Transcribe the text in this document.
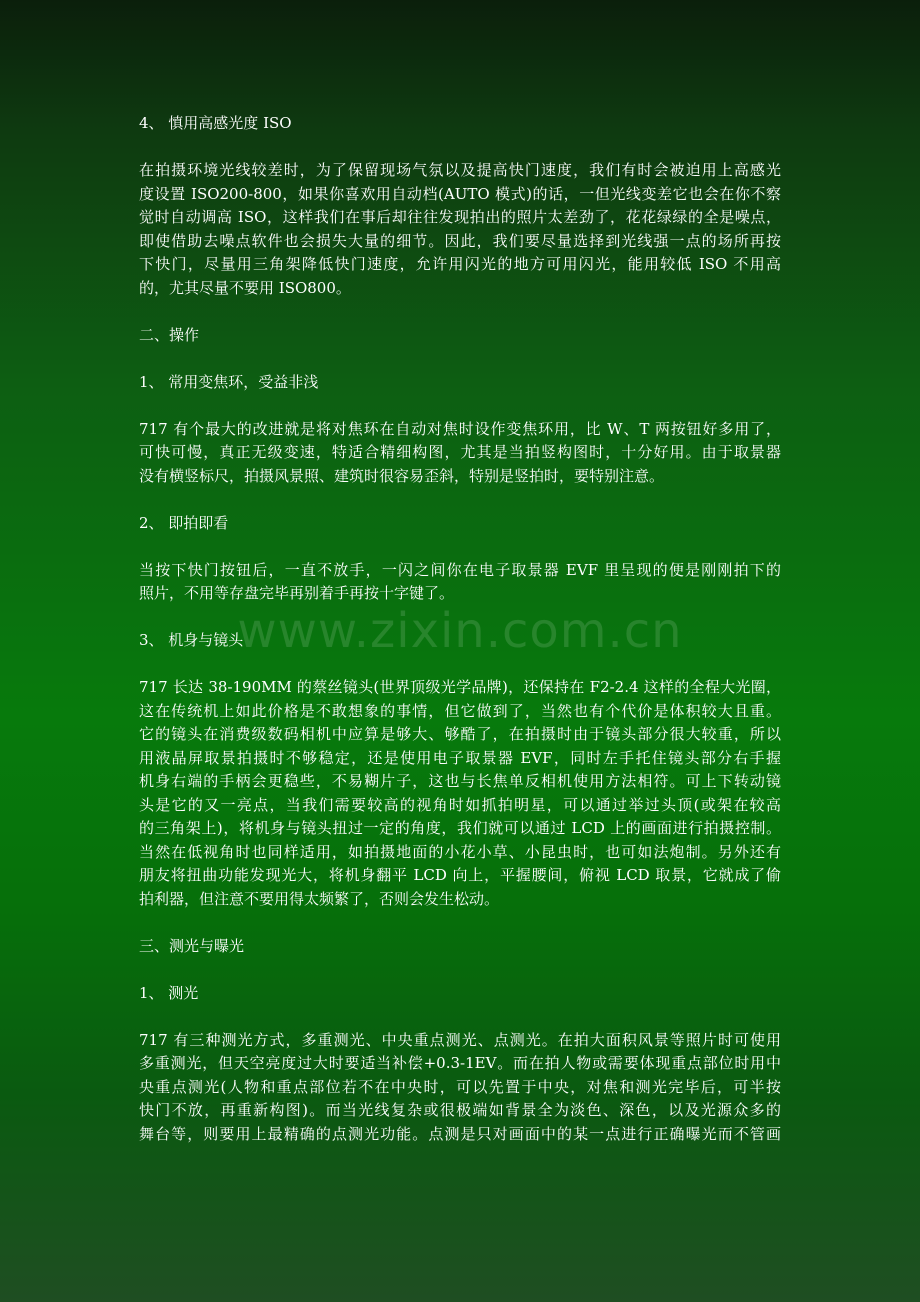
4、 慎用高感光度 ISO
在拍摄环境光线较差时，为了保留现场气氛以及提高快门速度，我们有时会被迫用上高感光
度设置 ISO200-800，如果你喜欢用自动档(AUTO 模式)的话，一但光线变差它也会在你不察
觉时自动调高 ISO，这样我们在事后却往往发现拍出的照片太差劲了，花花绿绿的全是噪点，
即使借助去噪点软件也会损失大量的细节。因此，我们要尽量选择到光线强一点的场所再按
下快门，尽量用三角架降低快门速度，允许用闪光的地方可用闪光，能用较低 ISO 不用高
的，尤其尽量不要用 ISO800。
二、操作
1、 常用变焦环，受益非浅
717 有个最大的改进就是将对焦环在自动对焦时设作变焦环用，比 W、T 两按钮好多用了，
可快可慢，真正无级变速，特适合精细构图，尤其是当拍竖构图时，十分好用。由于取景器
没有横竖标尺，拍摄风景照、建筑时很容易歪斜，特别是竖拍时，要特别注意。
2、 即拍即看
当按下快门按钮后，一直不放手，一闪之间你在电子取景器 EVF 里呈现的便是刚刚拍下的
照片，不用等存盘完毕再别着手再按十字键了。
3、 机身与镜头
717 长达 38-190MM 的蔡丝镜头(世界顶级光学品牌)，还保持在 F2-2.4 这样的全程大光圈，
这在传统机上如此价格是不敢想象的事情，但它做到了，当然也有个代价是体积较大且重。
它的镜头在消费级数码相机中应算是够大、够酷了，在拍摄时由于镜头部分很大较重，所以
用液晶屏取景拍摄时不够稳定，还是使用电子取景器 EVF，同时左手托住镜头部分右手握
机身右端的手柄会更稳些，不易糊片子，这也与长焦单反相机使用方法相符。可上下转动镜
头是它的又一亮点，当我们需要较高的视角时如抓拍明星，可以通过举过头顶(或架在较高
的三角架上)，将机身与镜头扭过一定的角度，我们就可以通过 LCD 上的画面进行拍摄控制。
当然在低视角时也同样适用，如拍摄地面的小花小草、小昆虫时，也可如法炮制。另外还有
朋友将扭曲功能发现光大，将机身翻平 LCD 向上，平握腰间，俯视 LCD 取景，它就成了偷
拍利器，但注意不要用得太频繁了，否则会发生松动。
三、测光与曝光
1、 测光
717 有三种测光方式，多重测光、中央重点测光、点测光。在拍大面积风景等照片时可使用
多重测光，但天空亮度过大时要适当补偿+0.3-1EV。而在拍人物或需要体现重点部位时用中
央重点测光(人物和重点部位若不在中央时，可以先置于中央，对焦和测光完毕后，可半按
快门不放，再重新构图)。而当光线复杂或很极端如背景全为淡色、深色，以及光源众多的
舞台等，则要用上最精确的点测光功能。点测是只对画面中的某一点进行正确曝光而不管画
www.zixin.com.cn
